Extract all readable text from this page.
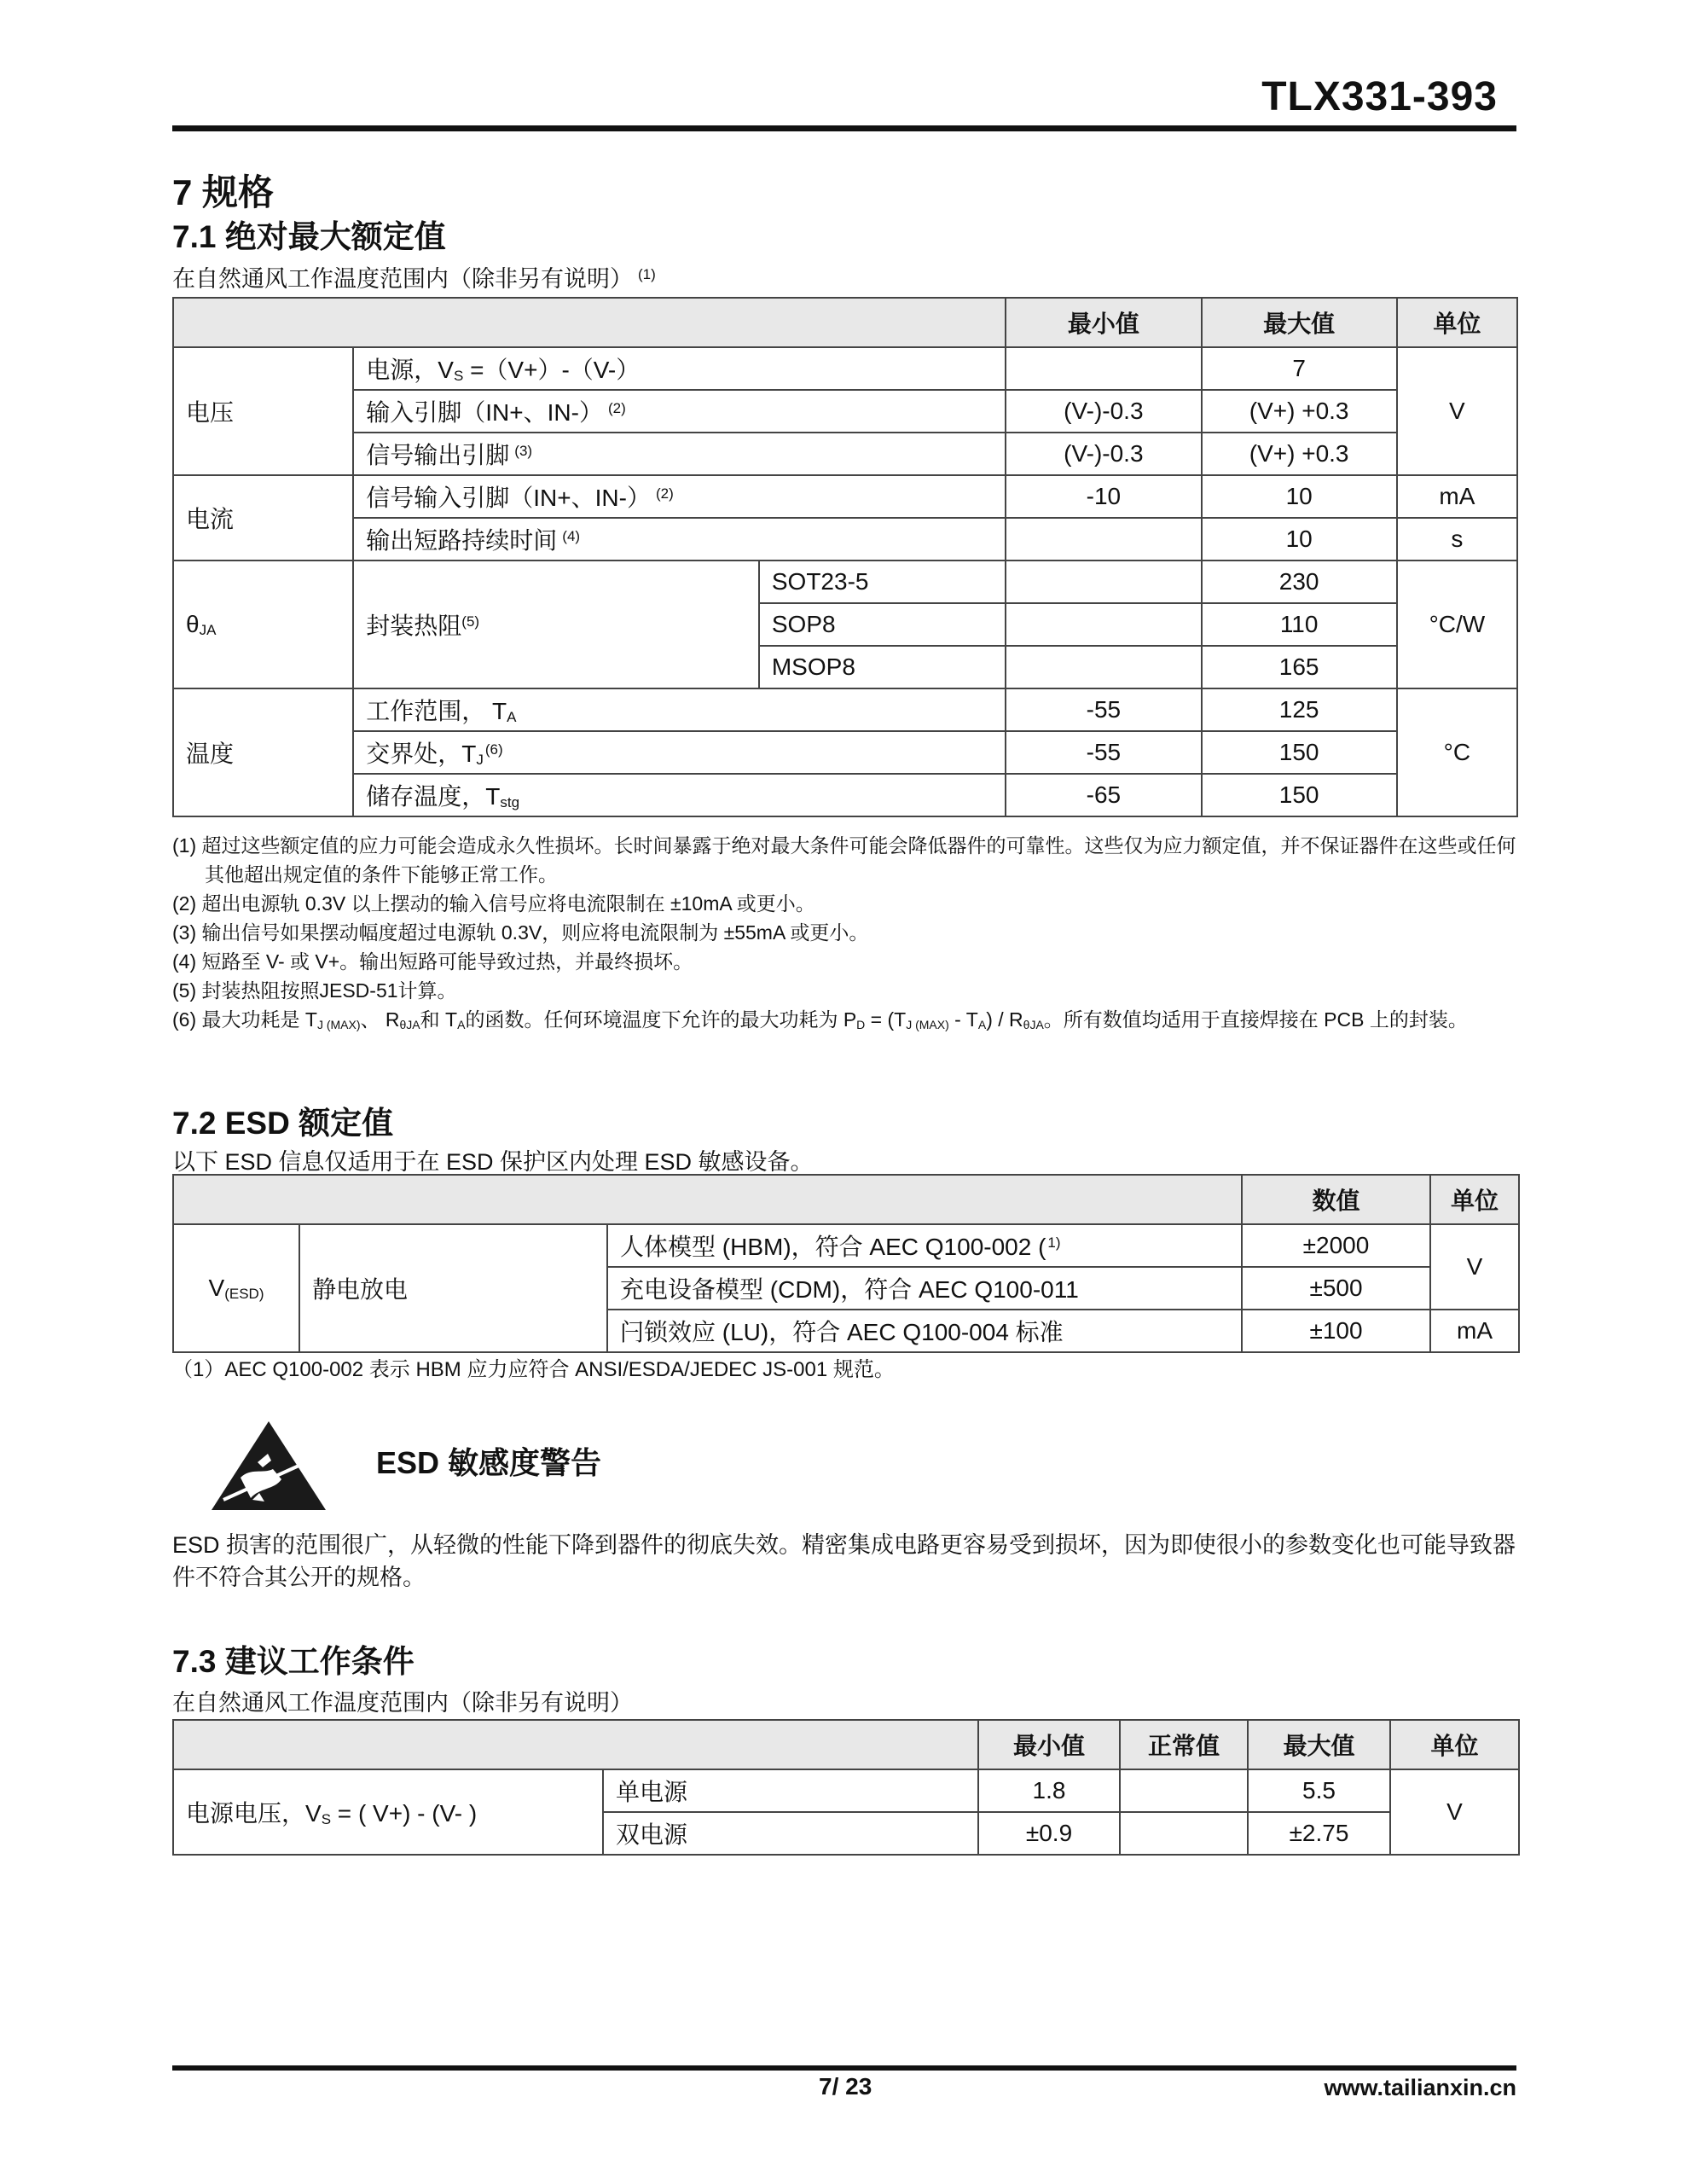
TLX331-393
7 规格
7.1 绝对最大额定值
在自然通风工作温度范围内（除非另有说明） $^{(1)}$
			最小值	最大值	单位
电压	电源，$V_S =(V+)-(V-)$			7	V
	输入引脚（IN+、IN-） $^{(2)}$		(V-)-0.3	(V+) +0.3	
	信号输出引脚 $^{(3)}$		(V-)-0.3	(V+) +0.3	
电流	信号输入引脚（IN+、IN-） $^{(2)}$		-10	10	mA
	输出短路持续时间 $^{(4)}$			10	s
$\theta_{JA}$	封装热阻$^{(5)}$	SOT23-5		230	°C/W
		SOP8		110	
		MSOP8		165	
温度	工作范围， $T_A$		-55	125	°C
	交界处，$T_J^{(6)}$		-55	150	
	储存温度，$T_{stg}$		-65	150	
(1) 超过这些额定值的应力可能会造成永久性损坏。长时间暴露于绝对最大条件可能会降低器件的可靠性。这些仅为应力额定值，并不保证器件在这些或任何其他超出规定值的条件下能够正常工作。
(2) 超出电源轨 0.3V 以上摆动的输入信号应将电流限制在 ±10mA 或更小。
(3) 输出信号如果摆动幅度超过电源轨 0.3V，则应将电流限制为 ±55mA 或更小。
(4) 短路至 V- 或 V+。输出短路可能导致过热，并最终损坏。
(5) 封装热阻按照JESD-51计算。
(6) 最大功耗是 $T_{J (MAX)}$、 $R_{\theta JA}$和 $T_A$的函数。任何环境温度下允许的最大功耗为 $P_D = (T_{J (MAX)} - T_A) / R_{\theta JA}$。所有数值均适用于直接焊接在 PCB 上的封装。
7.2 ESD 额定值
以下 ESD 信息仅适用于在 ESD 保护区内处理 ESD 敏感设备。
			数值	单位
$V_{(ESD)}$	静电放电	人体模型 (HBM)，符合 AEC Q100-002 ( $^{1)}$	±2000	V
		充电设备模型 (CDM)，符合 AEC Q100-011	±500	
		闩锁效应 (LU)，符合 AEC Q100-004 标准	±100	mA
（1）AEC Q100-002 表示 HBM 应力应符合 ANSI/ESDA/JEDEC JS-001 规范。
ESD 敏感度警告
ESD 损害的范围很广，从轻微的性能下降到器件的彻底失效。精密集成电路更容易受到损坏，因为即使很小的参数变化也可能导致器件不符合其公开的规格。
7.3 建议工作条件
在自然通风工作温度范围内（除非另有说明）
		最小值	正常值	最大值	单位
电源电压，$V_S$ = ( V+) - (V- )	单电源	1.8		5.5	V
	双电源	±0.9		±2.75	
7/ 23	www.tailianxin.cn
